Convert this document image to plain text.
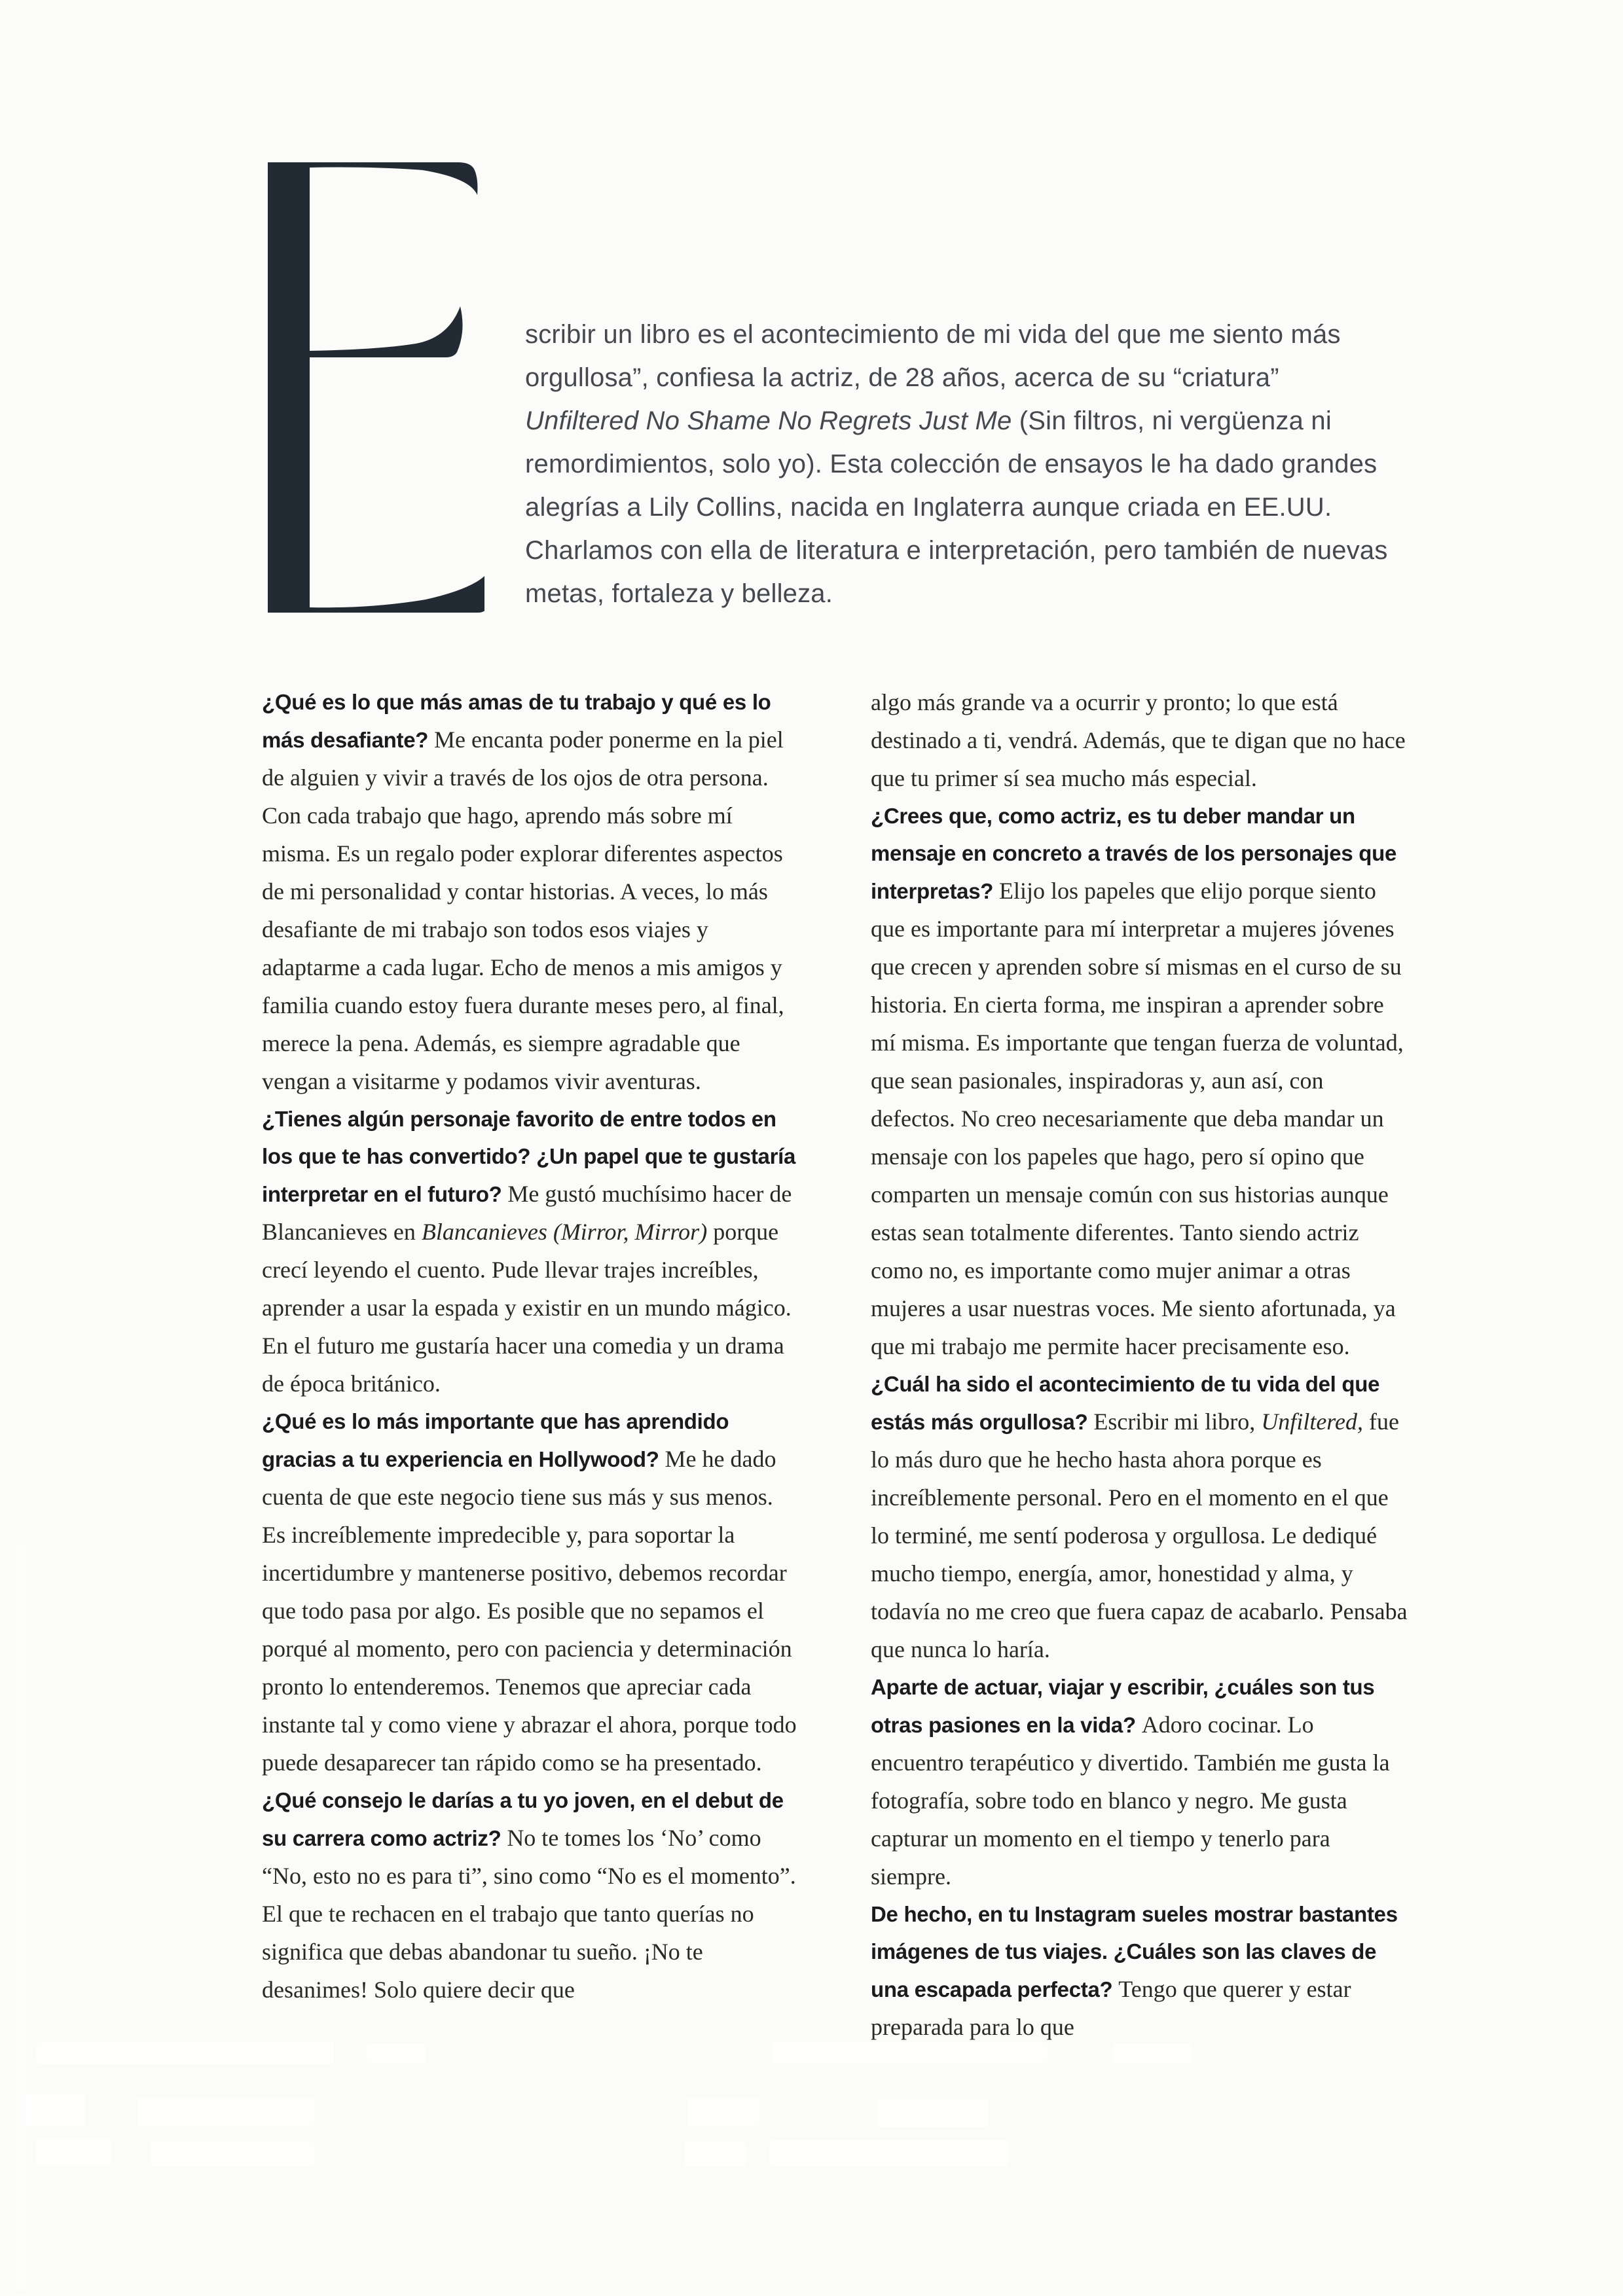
scribir un libro es el acontecimiento de mi vida del que me siento más orgullosa”, confiesa la actriz, de 28 años, acerca de su “criatura” Unfiltered No Shame No Regrets Just Me (Sin filtros, ni vergüenza ni remordimientos, solo yo). Esta colección de ensayos le ha dado grandes alegrías a Lily Collins, nacida en Inglaterra aunque criada en EE.UU. Charlamos con ella de literatura e interpretación, pero también de nuevas metas, fortaleza y belleza.

¿Qué es lo que más amas de tu trabajo y qué es lo más desafiante? Me encanta poder ponerme en la piel de alguien y vivir a través de los ojos de otra persona. Con cada trabajo que hago, aprendo más sobre mí misma. Es un regalo poder explorar diferentes aspectos de mi personalidad y contar historias. A veces, lo más desafiante de mi trabajo son todos esos viajes y adaptarme a cada lugar. Echo de menos a mis amigos y familia cuando estoy fuera durante meses pero, al final, merece la pena. Además, es siempre agradable que vengan a visitarme y podamos vivir aventuras.

¿Tienes algún personaje favorito de entre todos en los que te has convertido? ¿Un papel que te gustaría interpretar en el futuro? Me gustó muchísimo hacer de Blancanieves en Blancanieves (Mirror, Mirror) porque crecí leyendo el cuento. Pude llevar trajes increíbles, aprender a usar la espada y existir en un mundo mágico. En el futuro me gustaría hacer una comedia y un drama de época británico.

¿Qué es lo más importante que has aprendido gracias a tu experiencia en Hollywood? Me he dado cuenta de que este negocio tiene sus más y sus menos. Es increíblemente impredecible y, para soportar la incertidumbre y mantenerse positivo, debemos recordar que todo pasa por algo. Es posible que no sepamos el porqué al momento, pero con paciencia y determinación pronto lo entenderemos. Tenemos que apreciar cada instante tal y como viene y abrazar el ahora, porque todo puede desaparecer tan rápido como se ha presentado.

¿Qué consejo le darías a tu yo joven, en el debut de su carrera como actriz? No te tomes los ‘No’ como “No, esto no es para ti”, sino como “No es el momento”. El que te rechacen en el trabajo que tanto querías no significa que debas abandonar tu sueño. ¡No te desanimes! Solo quiere decir que

algo más grande va a ocurrir y pronto; lo que está destinado a ti, vendrá. Además, que te digan que no hace que tu primer sí sea mucho más especial.

¿Crees que, como actriz, es tu deber mandar un mensaje en concreto a través de los personajes que interpretas? Elijo los papeles que elijo porque siento que es importante para mí interpretar a mujeres jóvenes que crecen y aprenden sobre sí mismas en el curso de su historia. En cierta forma, me inspiran a aprender sobre mí misma. Es importante que tengan fuerza de voluntad, que sean pasionales, inspiradoras y, aun así, con defectos. No creo necesariamente que deba mandar un mensaje con los papeles que hago, pero sí opino que comparten un mensaje común con sus historias aunque estas sean totalmente diferentes. Tanto siendo actriz como no, es importante como mujer animar a otras mujeres a usar nuestras voces. Me siento afortunada, ya que mi trabajo me permite hacer precisamente eso.

¿Cuál ha sido el acontecimiento de tu vida del que estás más orgullosa? Escribir mi libro, Unfiltered, fue lo más duro que he hecho hasta ahora porque es increíblemente personal. Pero en el momento en el que lo terminé, me sentí poderosa y orgullosa. Le dediqué mucho tiempo, energía, amor, honestidad y alma, y todavía no me creo que fuera capaz de acabarlo. Pensaba que nunca lo haría.

Aparte de actuar, viajar y escribir, ¿cuáles son tus otras pasiones en la vida? Adoro cocinar. Lo encuentro terapéutico y divertido. También me gusta la fotografía, sobre todo en blanco y negro. Me gusta capturar un momento en el tiempo y tenerlo para siempre.

De hecho, en tu Instagram sueles mostrar bastantes imágenes de tus viajes. ¿Cuáles son las claves de una escapada perfecta? Tengo que querer y estar preparada para lo que
